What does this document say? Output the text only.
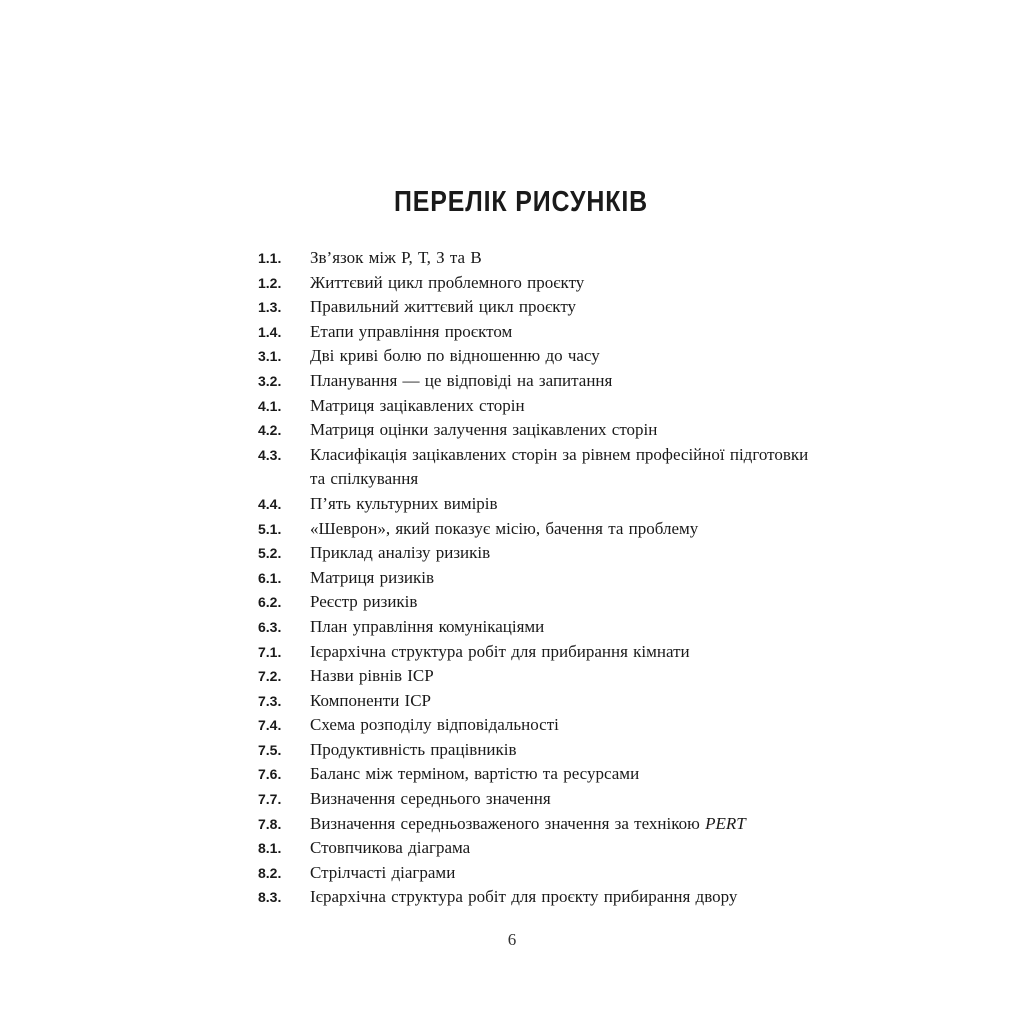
ПЕРЕЛІК РИСУНКІВ
1.1.	Зв’язок між Р, Т, З та В
1.2.	Життєвий цикл проблемного проєкту
1.3.	Правильний життєвий цикл проєкту
1.4.	Етапи управління проєктом
3.1.	Дві криві болю по відношенню до часу
3.2.	Планування — це відповіді на запитання
4.1.	Матриця зацікавлених сторін
4.2.	Матриця оцінки залучення зацікавлених сторін
4.3.	Класифікація зацікавлених сторін за рівнем професійної підготовки та спілкування
4.4.	П’ять культурних вимірів
5.1.	«Шеврон», який показує місію, бачення та проблему
5.2.	Приклад аналізу ризиків
6.1.	Матриця ризиків
6.2.	Реєстр ризиків
6.3.	План управління комунікаціями
7.1.	Ієрархічна структура робіт для прибирання кімнати
7.2.	Назви рівнів ІСР
7.3.	Компоненти ІСР
7.4.	Схема розподілу відповідальності
7.5.	Продуктивність працівників
7.6.	Баланс між терміном, вартістю та ресурсами
7.7.	Визначення середнього значення
7.8.	Визначення середньозваженого значення за технікою PERT
8.1.	Стовпчикова діаграма
8.2.	Стрілчасті діаграми
8.3.	Ієрархічна структура робіт для проєкту прибирання двору
6
